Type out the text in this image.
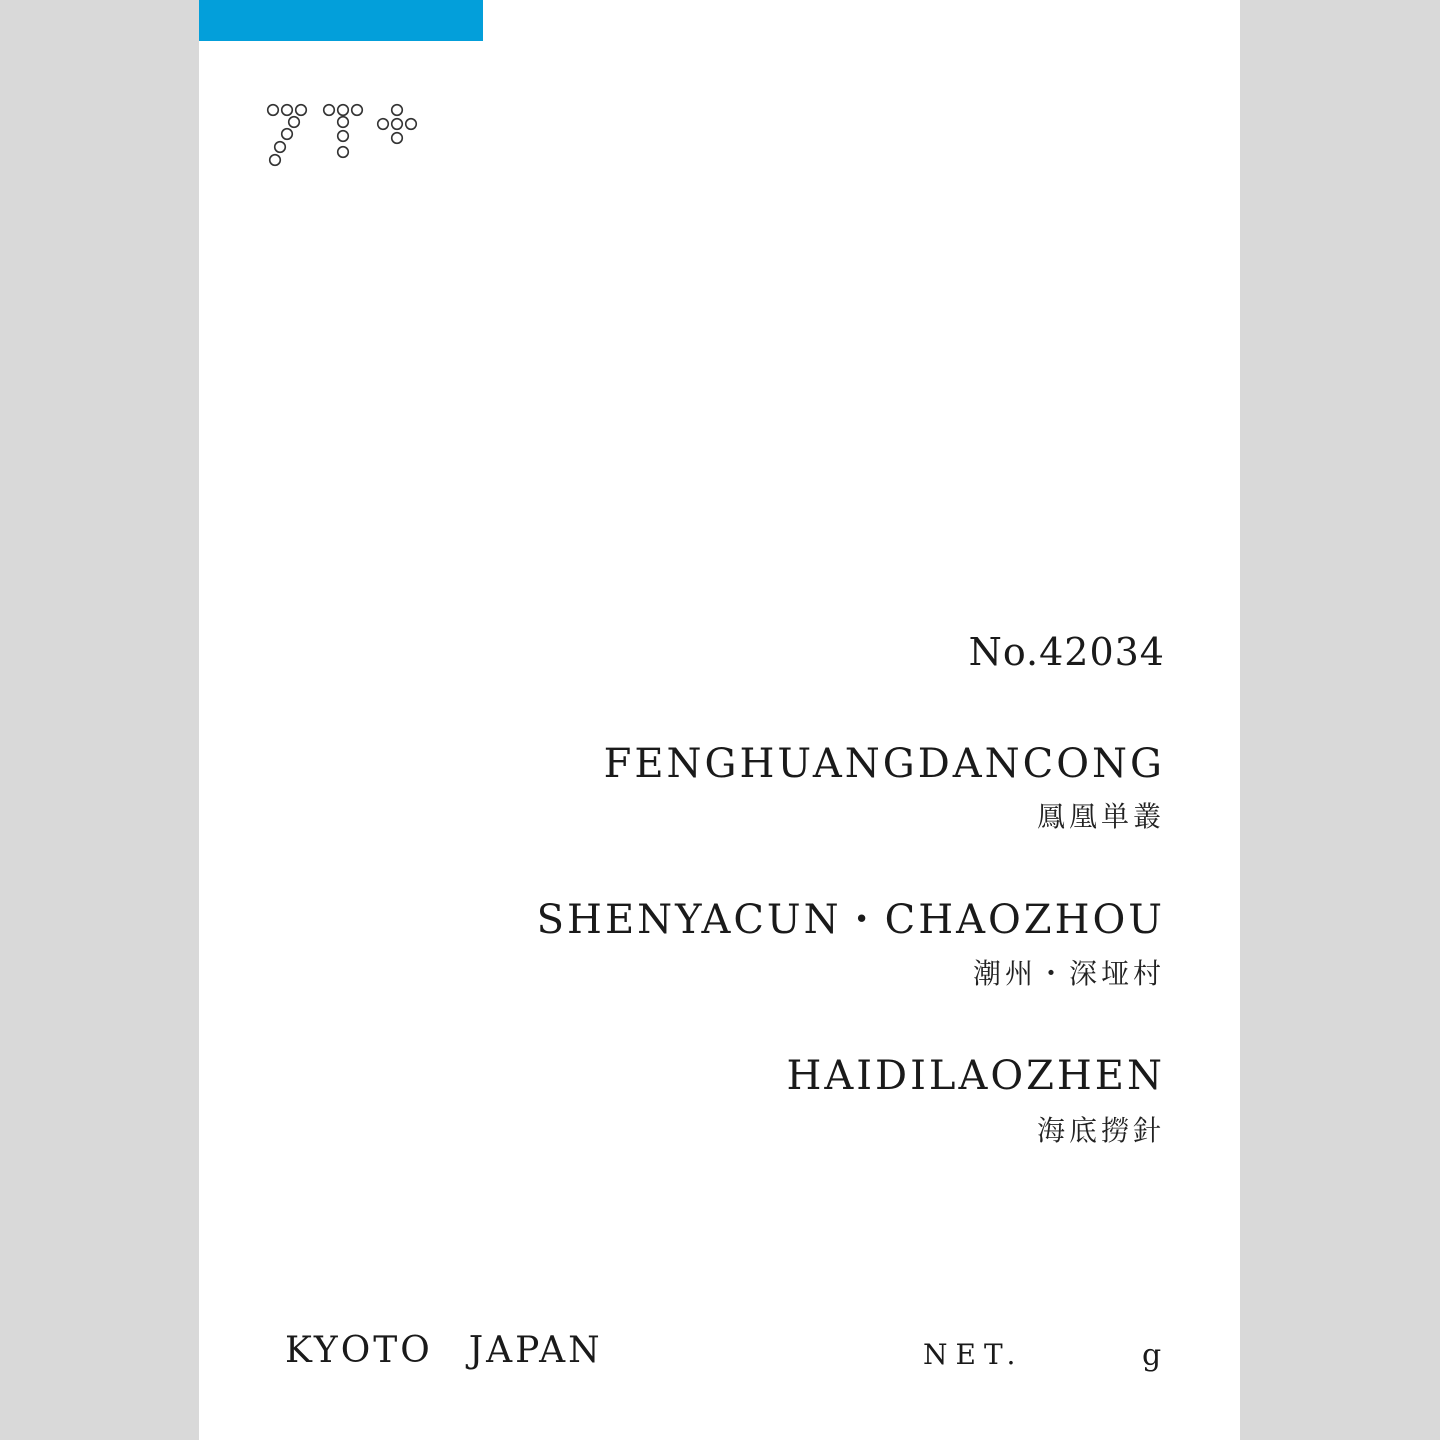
No.42034
FENGHUANGDANCONG
鳳凰単叢
SHENYACUN・CHAOZHOU
潮州・深垭村
HAIDILAOZHEN
海底撈針
KYOTO JAPAN	NET.	g
